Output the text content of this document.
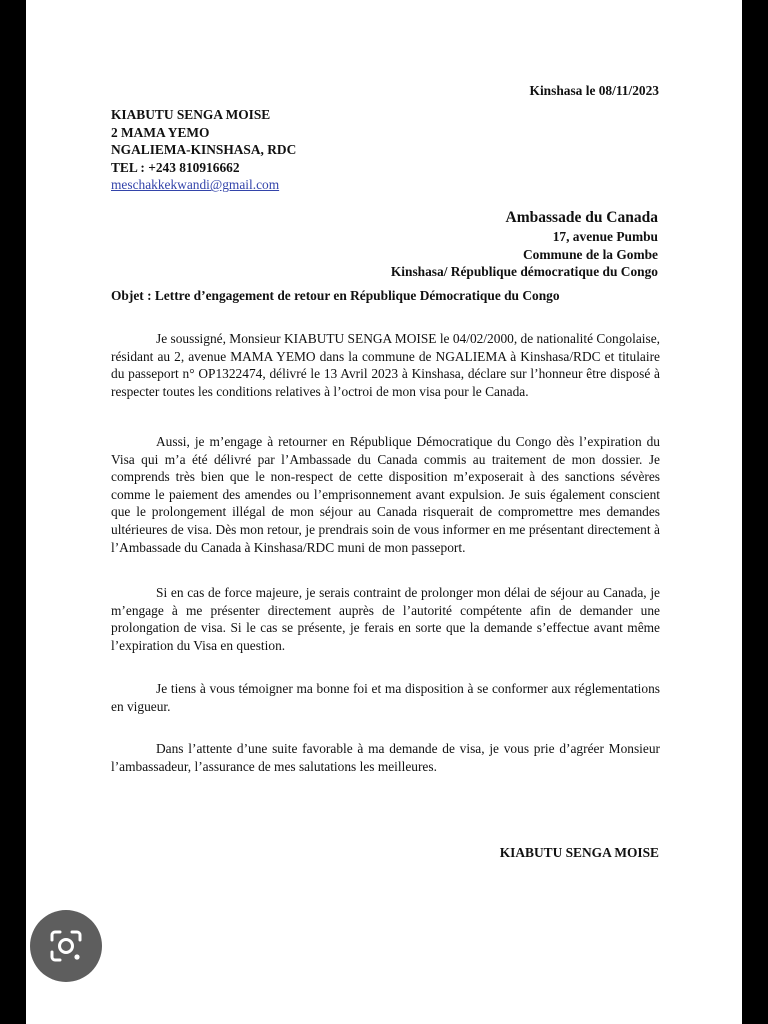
Kinshasa le 08/11/2023
KIABUTU SENGA MOISE
2 MAMA YEMO
NGALIEMA-KINSHASA, RDC
TEL : +243 810916662
meschakkekwandi@gmail.com
Ambassade du Canada
17, avenue Pumbu
Commune de la Gombe
Kinshasa/ République démocratique du Congo
Objet : Lettre d’engagement de retour en République Démocratique du Congo
Je soussigné, Monsieur KIABUTU SENGA MOISE le 04/02/2000, de nationalité Congolaise, résidant au 2, avenue MAMA YEMO dans la commune de NGALIEMA à Kinshasa/RDC et titulaire du passeport n° OP1322474, délivré le 13 Avril 2023 à Kinshasa, déclare sur l’honneur être disposé à respecter toutes les conditions relatives à l’octroi de mon visa pour le Canada.
Aussi, je m’engage à retourner en République Démocratique du Congo dès l’expiration du Visa qui m’a été délivré par l’Ambassade du Canada commis au traitement de mon dossier. Je comprends très bien que le non-respect de cette disposition m’exposerait à des sanctions sévères comme le paiement des amendes ou l’emprisonnement avant expulsion. Je suis également conscient que le prolongement illégal de mon séjour au Canada risquerait de compromettre mes demandes ultérieures de visa. Dès mon retour, je prendrais soin de vous informer en me présentant directement à l’Ambassade du Canada à Kinshasa/RDC muni de mon passeport.
Si en cas de force majeure, je serais contraint de prolonger mon délai de séjour au Canada, je m’engage à me présenter directement auprès de l’autorité compétente afin de demander une prolongation de visa. Si le cas se présente, je ferais en sorte que la demande s’effectue avant même l’expiration du Visa en question.
Je tiens à vous témoigner ma bonne foi et ma disposition à se conformer aux réglementations en vigueur.
Dans l’attente d’une suite favorable à ma demande de visa, je vous prie d’agréer Monsieur l’ambassadeur, l’assurance de mes salutations les meilleures.
KIABUTU SENGA MOISE
